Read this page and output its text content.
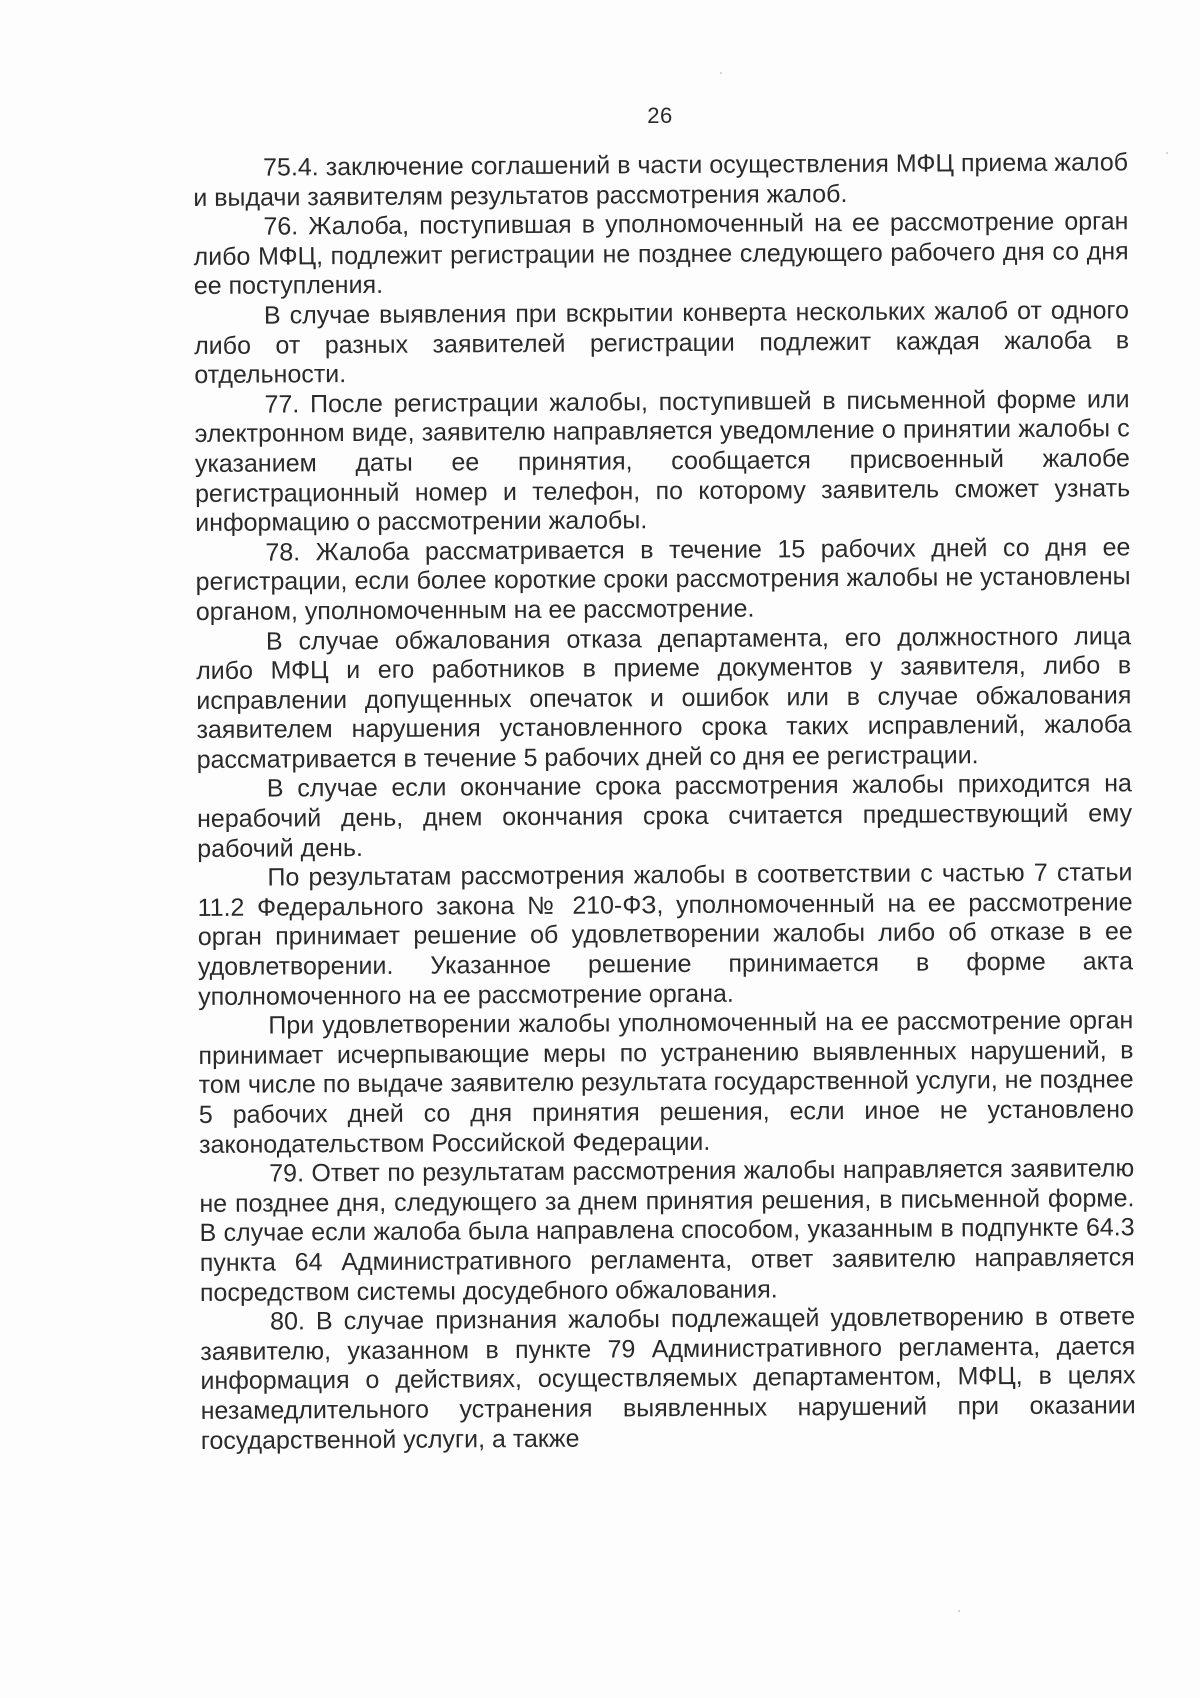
26

75.4. заключение соглашений в части осуществления МФЦ приема жалоб и выдачи заявителям результатов рассмотрения жалоб.

76. Жалоба, поступившая в уполномоченный на ее рассмотрение орган либо МФЦ, подлежит регистрации не позднее следующего рабочего дня со дня ее поступления.

В случае выявления при вскрытии конверта нескольких жалоб от одного либо от разных заявителей регистрации подлежит каждая жалоба в отдельности.

77. После регистрации жалобы, поступившей в письменной форме или электронном виде, заявителю направляется уведомление о принятии жалобы с указанием даты ее принятия, сообщается присвоенный жалобе регистрационный номер и телефон, по которому заявитель сможет узнать информацию о рассмотрении жалобы.

78. Жалоба рассматривается в течение 15 рабочих дней со дня ее регистрации, если более короткие сроки рассмотрения жалобы не установлены органом, уполномоченным на ее рассмотрение.

В случае обжалования отказа департамента, его должностного лица либо МФЦ и его работников в приеме документов у заявителя, либо в исправлении допущенных опечаток и ошибок или в случае обжалования заявителем нарушения установленного срока таких исправлений, жалоба рассматривается в течение 5 рабочих дней со дня ее регистрации.

В случае если окончание срока рассмотрения жалобы приходится на нерабочий день, днем окончания срока считается предшествующий ему рабочий день.

По результатам рассмотрения жалобы в соответствии с частью 7 статьи 11.2 Федерального закона № 210-ФЗ, уполномоченный на ее рассмотрение орган принимает решение об удовлетворении жалобы либо об отказе в ее удовлетворении. Указанное решение принимается в форме акта уполномоченного на ее рассмотрение органа.

При удовлетворении жалобы уполномоченный на ее рассмотрение орган принимает исчерпывающие меры по устранению выявленных нарушений, в том числе по выдаче заявителю результата государственной услуги, не позднее 5 рабочих дней со дня принятия решения, если иное не установлено законодательством Российской Федерации.

79. Ответ по результатам рассмотрения жалобы направляется заявителю не позднее дня, следующего за днем принятия решения, в письменной форме. В случае если жалоба была направлена способом, указанным в подпункте 64.3 пункта 64 Административного регламента, ответ заявителю направляется посредством системы досудебного обжалования.

80. В случае признания жалобы подлежащей удовлетворению в ответе заявителю, указанном в пункте 79 Административного регламента, дается информация о действиях, осуществляемых департаментом, МФЦ, в целях незамедлительного устранения выявленных нарушений при оказании государственной услуги, а также
